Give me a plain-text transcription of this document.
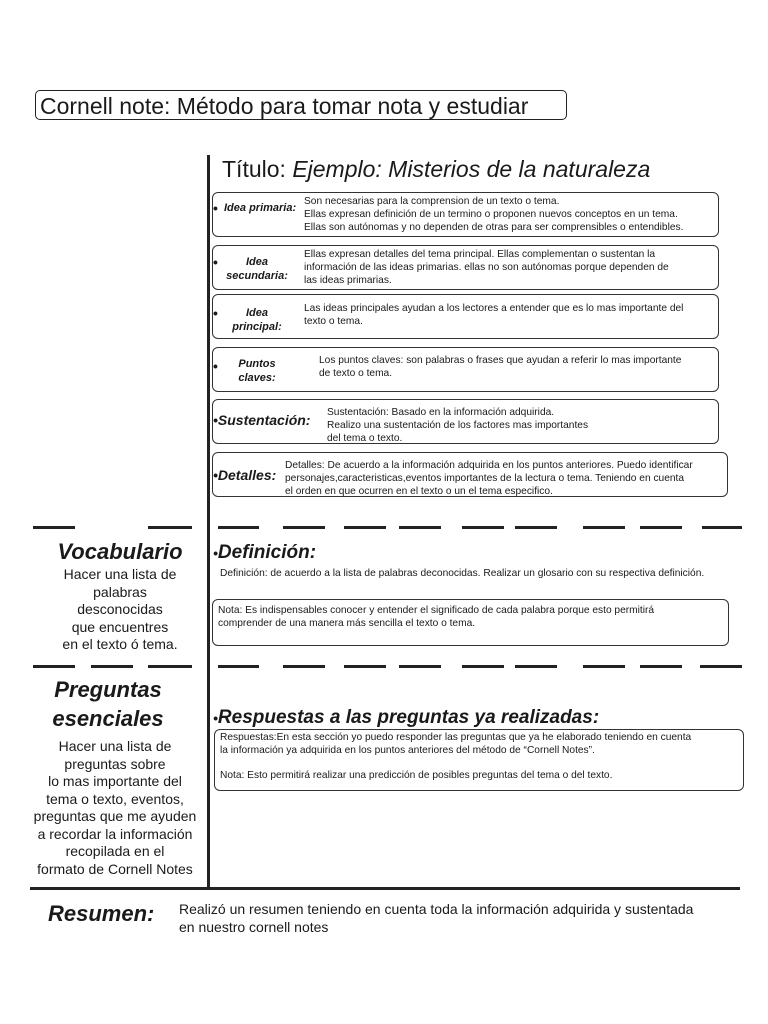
Cornell note: Método para tomar nota y estudiar
Título: Ejemplo: Misterios de la naturaleza
• Idea primaria:
Son necesarias para la comprension de un texto o tema.
Ellas expresan definición de un termino o proponen nuevos conceptos en un tema.
Ellas son autónomas y no dependen de otras para ser comprensibles o entendibles.
•	Idea
secundaria:
Ellas expresan detalles del tema principal. Ellas complementan o sustentan la
información de las ideas primarias. ellas no son autónomas porque dependen de
las ideas primarias.
•	Idea
principal:
Las ideas principales ayudan a los lectores a entender que es lo mas importante del
texto o tema.
•	Puntos
claves:
Los puntos claves: son palabras o frases que ayudan a referir lo mas importante
de texto o tema.
•Sustentación: Sustentación: Basado en la información adquirida.
Realizo una sustentación de los factores mas importantes
del tema o texto.
•Detalles:
Detalles: De acuerdo a la información adquirida en los puntos anteriores. Puedo identificar
personajes,caracteristicas,eventos importantes de la lectura o tema. Teniendo en cuenta
el orden en que ocurren en el texto o un el tema especifico.
Vocabulario
Hacer una lista de
palabras
desconocidas
que encuentres
en el texto ó tema.
•Definición:
Definición: de acuerdo a la lista de palabras deconocidas. Realizar un glosario con su respectiva definición.
Nota: Es indispensables conocer y entender el significado de cada palabra porque esto permitirá
comprender de una manera más sencilla el texto o tema.
Preguntas
esenciales
Hacer una lista de
preguntas sobre
lo mas importante del
tema o texto, eventos,
preguntas que me ayuden
a recordar la información
recopilada en el
formato de Cornell Notes
•Respuestas a las preguntas ya realizadas:
Respuestas:En esta sección yo puedo responder las preguntas que ya he elaborado teniendo en cuenta
la información ya adquirida en los puntos anteriores del método de “Cornell Notes”.
Nota: Esto permitirá realizar una predicción de posibles preguntas del tema o del texto.
Resumen: Realizó un resumen teniendo en cuenta toda la información adquirida y sustentada
en nuestro cornell notes
